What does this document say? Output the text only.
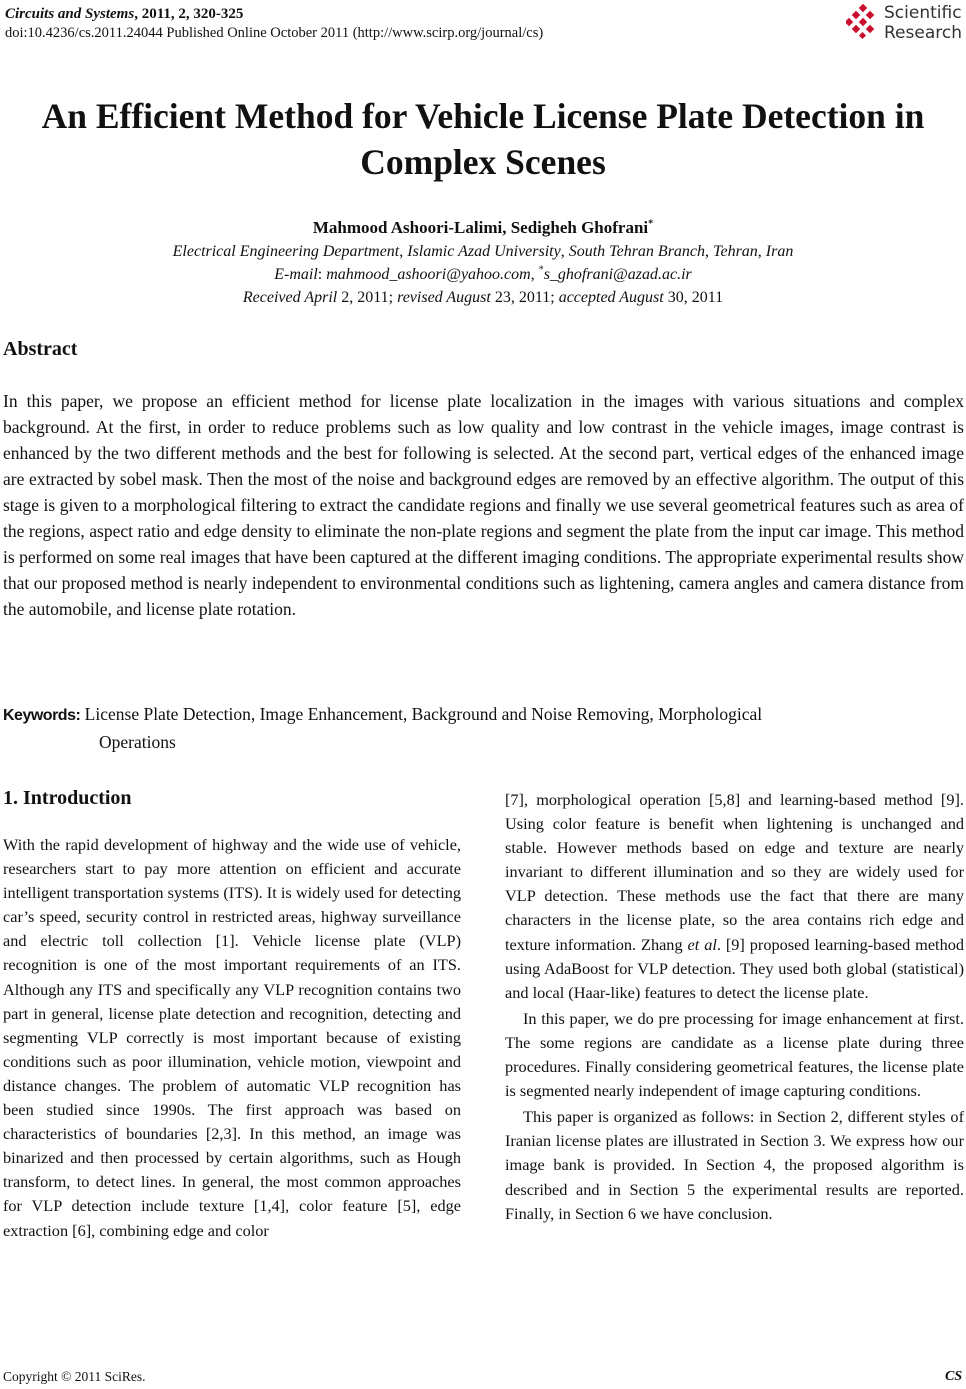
Circuits and Systems, 2011, 2, 320-325
doi:10.4236/cs.2011.24044 Published Online October 2011 (http://www.scirp.org/journal/cs)
Scientific
Research
An Efficient Method for Vehicle License Plate Detection in
Complex Scenes
Mahmood Ashoori-Lalimi, Sedigheh Ghofrani*
Electrical Engineering Department, Islamic Azad University, South Tehran Branch, Tehran, Iran
E-mail: mahmood_ashoori@yahoo.com, *s_ghofrani@azad.ac.ir
Received April 2, 2011; revised August 23, 2011; accepted August 30, 2011
Abstract
In this paper, we propose an efficient method for license plate localization in the images with various situations and complex background. At the first, in order to reduce problems such as low quality and low contrast in the vehicle images, image contrast is enhanced by the two different methods and the best for following is selected. At the second part, vertical edges of the enhanced image are extracted by sobel mask. Then the most of the noise and background edges are removed by an effective algorithm. The output of this stage is given to a morphological filtering to extract the candidate regions and finally we use several geometrical features such as area of the regions, aspect ratio and edge density to eliminate the non-plate regions and segment the plate from the input car image. This method is performed on some real images that have been captured at the different imaging conditions. The appropriate experimental results show that our proposed method is nearly independent to environmental conditions such as lightening, camera angles and camera distance from the automobile, and license plate rotation.
Keywords: License Plate Detection, Image Enhancement, Background and Noise Removing, Morphological
Operations
1. Introduction

With the rapid development of highway and the wide use of vehicle, researchers start to pay more attention on efficient and accurate intelligent transportation systems (ITS). It is widely used for detecting car’s speed, security control in restricted areas, highway surveillance and electric toll collection [1]. Vehicle license plate (VLP) recognition is one of the most important requirements of an ITS. Although any ITS and specifically any VLP recognition contains two part in general, license plate detection and recognition, detecting and segmenting VLP correctly is most important because of existing conditions such as poor illumination, vehicle motion, viewpoint and distance changes. The problem of automatic VLP recognition has been studied since 1990s. The first approach was based on characteristics of boundaries [2,3]. In this method, an image was binarized and then processed by certain algorithms, such as Hough transform, to detect lines. In general, the most common approaches for VLP detection include texture [1,4], color feature [5], edge extraction [6], combining edge and color

[7], morphological operation [5,8] and learning-based method [9]. Using color feature is benefit when lightening is unchanged and stable. However methods based on edge and texture are nearly invariant to different illumination and so they are widely used for VLP detection. These methods use the fact that there are many characters in the license plate, so the area contains rich edge and texture information. Zhang et al. [9] proposed learning-based method using AdaBoost for VLP detection. They used both global (statistical) and local (Haar-like) features to detect the license plate.

In this paper, we do pre processing for image enhancement at first. The some regions are candidate as a license plate during three procedures. Finally considering geometrical features, the license plate is segmented nearly independent of image capturing conditions.

This paper is organized as follows: in Section 2, different styles of Iranian license plates are illustrated in Section 3. We express how our image bank is provided. In Section 4, the proposed algorithm is described and in Section 5 the experimental results are reported. Finally, in Section 6 we have conclusion.

Copyright © 2011 SciRes.	CS
